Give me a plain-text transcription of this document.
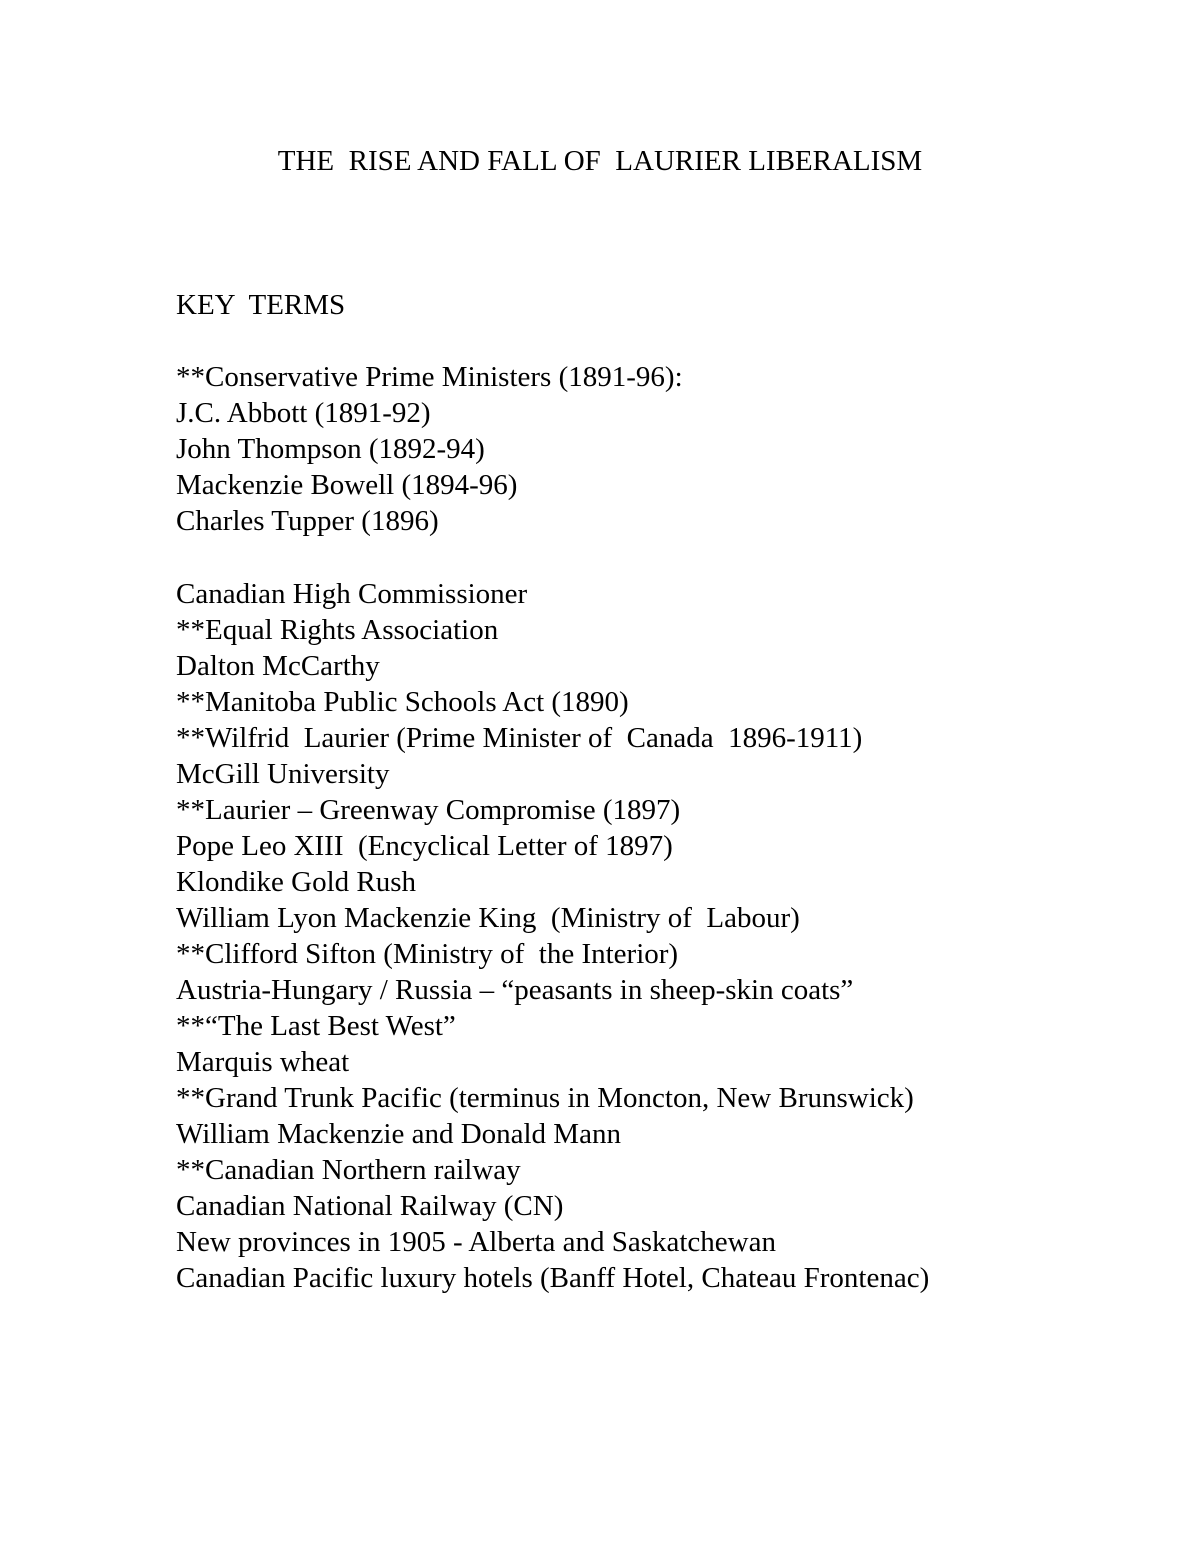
THE  RISE AND FALL OF  LAURIER LIBERALISM
KEY  TERMS
**Conservative Prime Ministers (1891-96):
J.C. Abbott (1891-92)
John Thompson (1892-94)
Mackenzie Bowell (1894-96)
Charles Tupper (1896)
Canadian High Commissioner
**Equal Rights Association
Dalton McCarthy
**Manitoba Public Schools Act (1890)
**Wilfrid  Laurier (Prime Minister of  Canada  1896-1911)
McGill University
**Laurier – Greenway Compromise (1897)
Pope Leo XIII  (Encyclical Letter of 1897)
Klondike Gold Rush
William Lyon Mackenzie King  (Ministry of  Labour)
**Clifford Sifton (Ministry of  the Interior)
Austria-Hungary / Russia – “peasants in sheep-skin coats”
**“The Last Best West”
Marquis wheat
**Grand Trunk Pacific (terminus in Moncton, New Brunswick)
William Mackenzie and Donald Mann
**Canadian Northern railway
Canadian National Railway (CN)
New provinces in 1905 - Alberta and Saskatchewan
Canadian Pacific luxury hotels (Banff Hotel, Chateau Frontenac)
